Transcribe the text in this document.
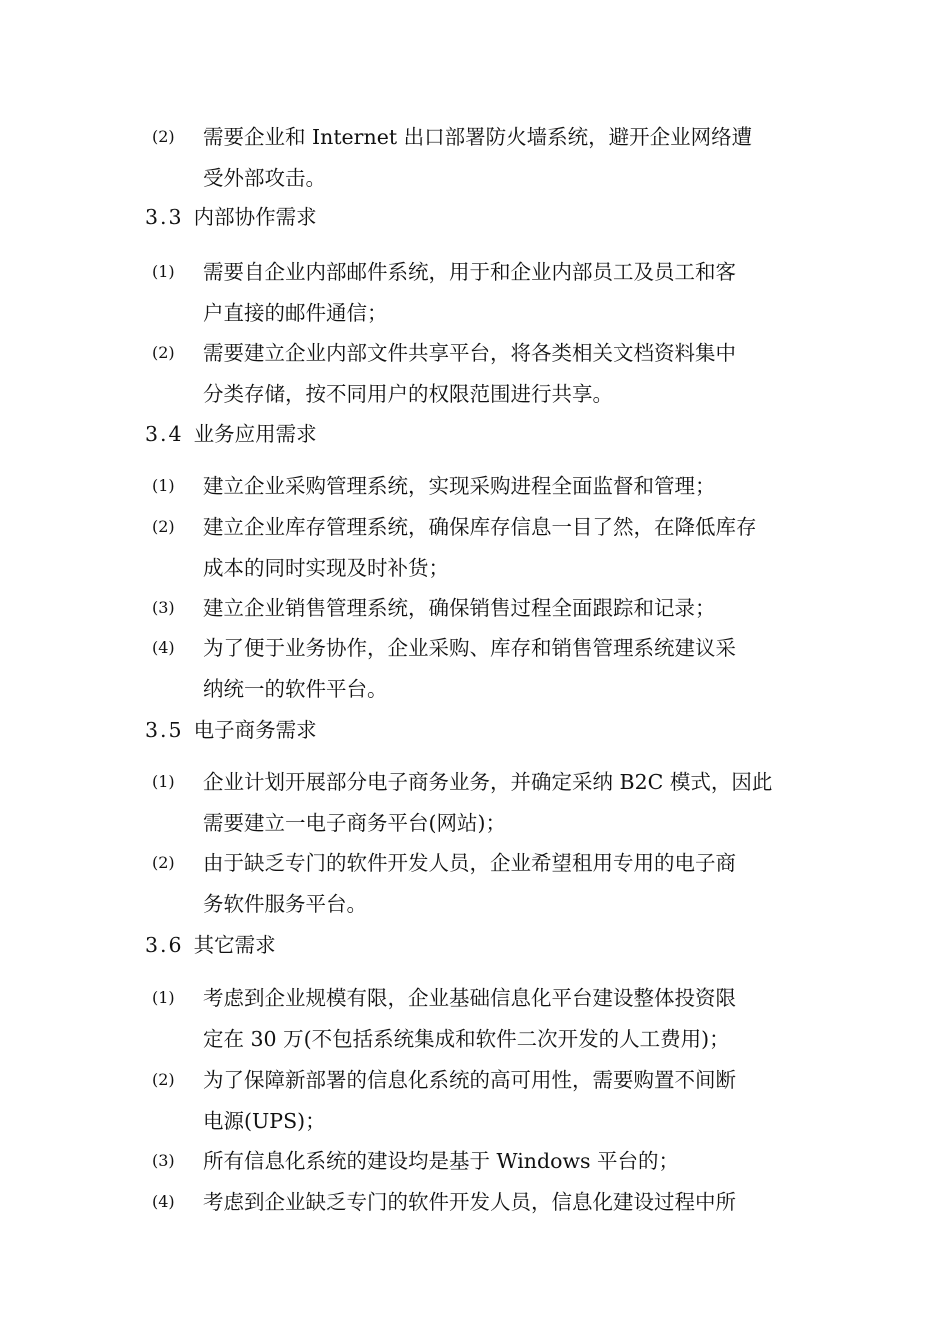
(2) 需要企业和 Internet 出口部署防火墙系统，避开企业网络遭
受外部攻击。
3.3 内部协作需求
(1) 需要自企业内部邮件系统，用于和企业内部员工及员工和客
户直接的邮件通信；
(2) 需要建立企业内部文件共享平台，将各类相关文档资料集中
分类存储，按不同用户的权限范围进行共享。
3.4 业务应用需求
(1) 建立企业采购管理系统，实现采购进程全面监督和管理；
(2) 建立企业库存管理系统，确保库存信息一目了然，在降低库存
成本的同时实现及时补货；
(3) 建立企业销售管理系统，确保销售过程全面跟踪和记录；
(4) 为了便于业务协作，企业采购、库存和销售管理系统建议采
纳统一的软件平台。
3.5 电子商务需求
(1) 企业计划开展部分电子商务业务，并确定采纳 B2C 模式，因此
需要建立一电子商务平台(网站)；
(2) 由于缺乏专门的软件开发人员，企业希望租用专用的电子商
务软件服务平台。
3.6 其它需求
(1) 考虑到企业规模有限，企业基础信息化平台建设整体投资限
定在 30 万(不包括系统集成和软件二次开发的人工费用)；
(2) 为了保障新部署的信息化系统的高可用性，需要购置不间断
电源(UPS)；
(3) 所有信息化系统的建设均是基于 Windows 平台的；
(4) 考虑到企业缺乏专门的软件开发人员，信息化建设过程中所
